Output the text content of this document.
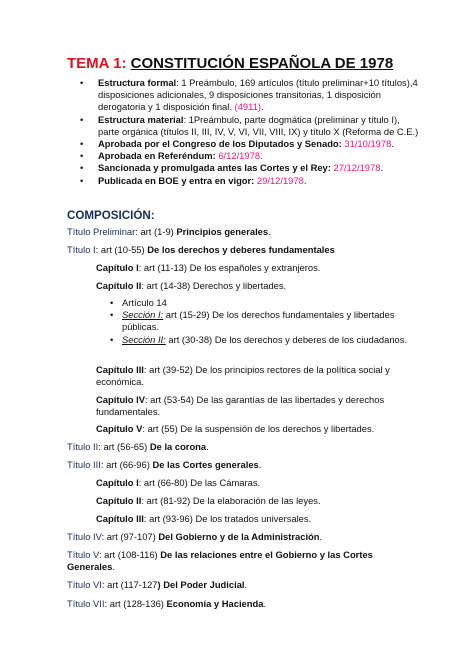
TEMA 1: CONSTITUCIÓN ESPAÑOLA DE 1978
• Estructura formal: 1 Preámbulo, 169 artículos (título preliminar+10 títulos),4 disposiciones adicionales, 9 disposiciones transitorias, 1 disposición derogatoria y 1 disposición final. (4911).
• Estructura material: 1Preámbulo, parte dogmática (preliminar y título I), parte orgánica (títulos II, III, IV, V, VI, VII, VIII, IX) y título X (Reforma de C.E.)
• Aprobada por el Congreso de los Diputados y Senado: 31/10/1978.
• Aprobada en Referéndum: 6/12/1978.
• Sancionada y promulgada antes las Cortes y el Rey: 27/12/1978.
• Publicada en BOE y entra en vigor: 29/12/1978.
COMPOSICIÓN:
Título Preliminar: art (1-9) Principios generales.
Título I: art (10-55) De los derechos y deberes fundamentales
Capítulo I: art (11-13) De los españoles y extranjeros.
Capítulo II: art (14-38) Derechos y libertades.
• Artículo 14
• Sección I: art (15-29) De los derechos fundamentales y libertades públicas.
• Sección II: art (30-38) De los derechos y deberes de los ciudadanos.
Capítulo III: art (39-52) De los principios rectores de la política social y económica.
Capítulo IV: art (53-54) De las garantías de las libertades y derechos fundamentales.
Capítulo V: art (55) De la suspensión de los derechos y libertades.
Título II: art (56-65) De la corona.
Título III: art (66-96) De las Cortes generales.
Capítulo I: art (66-80) De las Cámaras.
Capítulo II: art (81-92) De la elaboración de las leyes.
Capítulo III: art (93-96) De los tratados universales.
Título IV: art (97-107) Del Gobierno y de la Administración.
Título V: art (108-116) De las relaciones entre el Gobierno y las Cortes Generales.
Título VI: art (117-127) Del Poder Judicial.
Título VII: art (128-136) Economía y Hacienda.
